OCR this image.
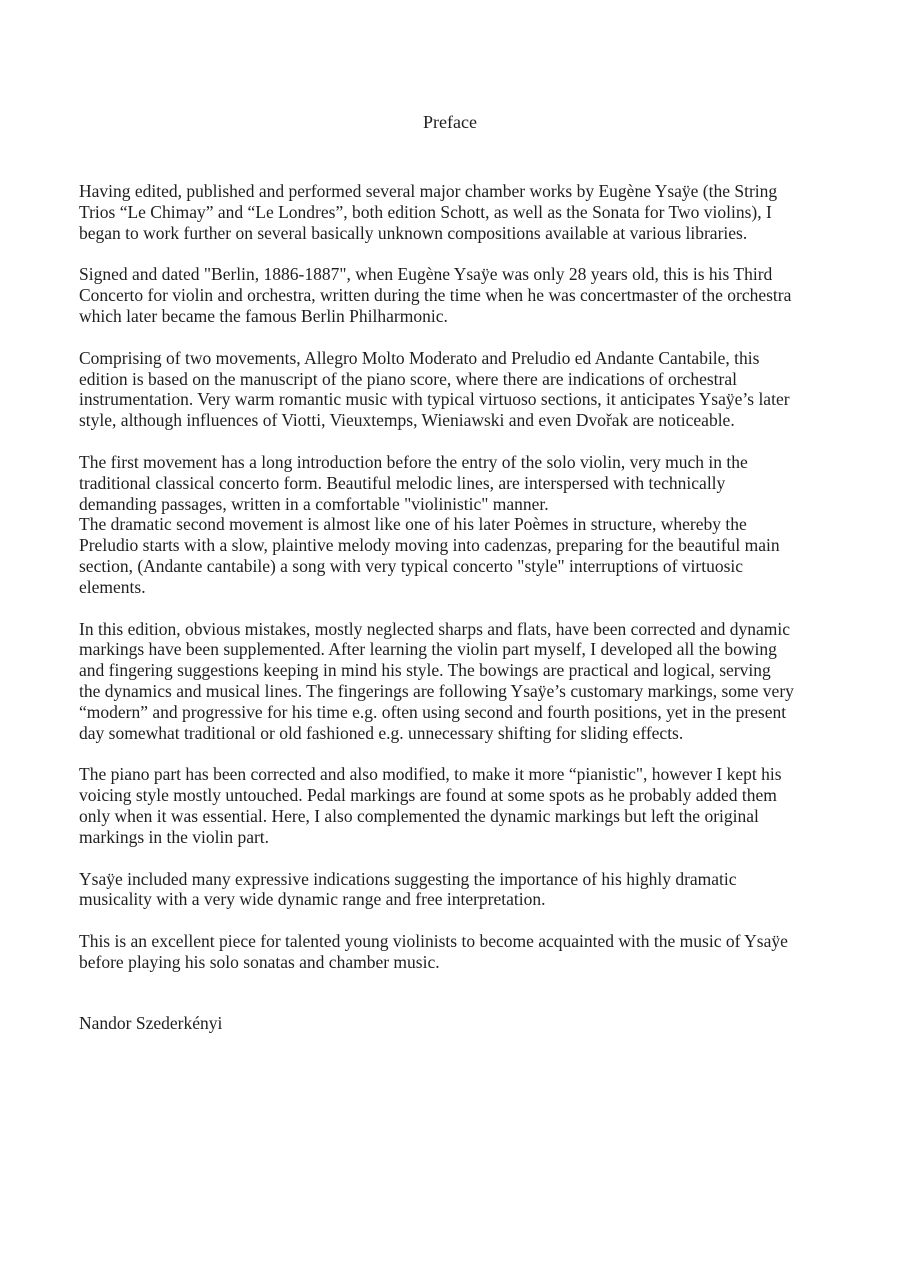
Preface

Having edited, published and performed several major chamber works by Eugène Ysaÿe (the String
Trios “Le Chimay” and “Le Londres”, both edition Schott, as well as the Sonata for Two violins), I
began to work further on several basically unknown compositions available at various libraries.

Signed and dated "Berlin, 1886-1887", when Eugène Ysaÿe was only 28 years old, this is his Third
Concerto for violin and orchestra, written during the time when he was concertmaster of the orchestra
which later became the famous Berlin Philharmonic.

Comprising of two movements, Allegro Molto Moderato and Preludio ed Andante Cantabile, this
edition is based on the manuscript of the piano score, where there are indications of orchestral
instrumentation. Very warm romantic music with typical virtuoso sections, it anticipates Ysaÿe’s later
style, although influences of Viotti, Vieuxtemps, Wieniawski and even Dvořak are noticeable.

The first movement has a long introduction before the entry of the solo violin, very much in the
traditional classical concerto form. Beautiful melodic lines, are interspersed with technically
demanding passages, written in a comfortable "violinistic" manner.

The dramatic second movement is almost like one of his later Poèmes in structure, whereby the
Preludio starts with a slow, plaintive melody moving into cadenzas, preparing for the beautiful main
section, (Andante cantabile) a song with very typical concerto "style" interruptions of virtuosic
elements.

In this edition, obvious mistakes, mostly neglected sharps and flats, have been corrected and dynamic
markings have been supplemented. After learning the violin part myself, I developed all the bowing
and fingering suggestions keeping in mind his style. The bowings are practical and logical, serving
the dynamics and musical lines. The fingerings are following Ysaÿe’s customary markings, some very
“modern” and progressive for his time e.g. often using second and fourth positions, yet in the present
day somewhat traditional or old fashioned e.g. unnecessary shifting for sliding effects.

The piano part has been corrected and also modified, to make it more “pianistic", however I kept his
voicing style mostly untouched. Pedal markings are found at some spots as he probably added them
only when it was essential. Here, I also complemented the dynamic markings but left the original
markings in the violin part.

Ysaÿe included many expressive indications suggesting the importance of his highly dramatic
musicality with a very wide dynamic range and free interpretation.

This is an excellent piece for talented young violinists to become acquainted with the music of Ysaÿe
before playing his solo sonatas and chamber music.

Nandor Szederkényi
